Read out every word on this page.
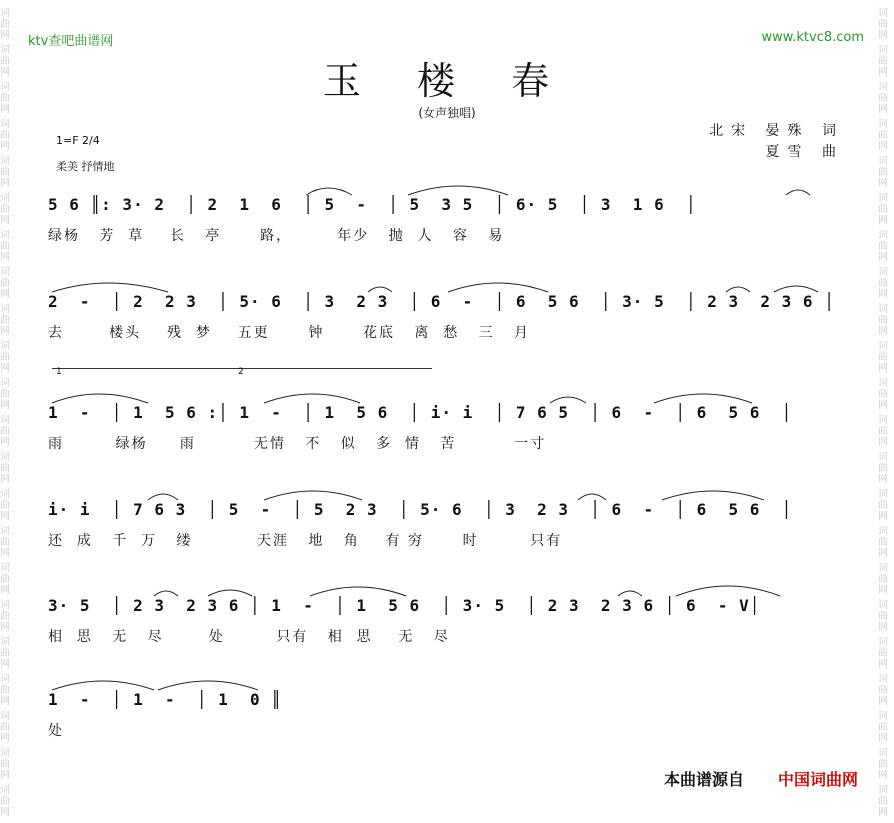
词曲网
词曲网
词曲网
词曲网
词曲网
词曲网
词曲网
词曲网
词曲网
词曲网
词曲网
词曲网
词曲网
词曲网
词曲网
词曲网
词曲网
词曲网
词曲网
词曲网
词曲网
词曲网
词曲网
词曲网
词曲网
词曲网
词曲网
词曲网
词曲网
词曲网
词曲网
词曲网
词曲网
词曲网
词曲网
词曲网
词曲网
词曲网
词曲网
词曲网
词曲网
词曲网
词曲网
词曲网
ktv查吧曲谱网	www.ktvc8.com
玉 楼 春
(女声独唱)
1=F 2/4
柔美 抒情地
北宋 晏殊 词
夏雪 曲
1	2
5 6 ║: 3· 2  │ 2  1  6  │ 5  -  │ 5  3 5  │ 6· 5  │ 3  1 6  │
绿杨   芳  草    长   亭      路，       年少   抛  人   容   易
2  -  │ 2  2 3  │ 5· 6  │ 3  2 3  │ 6  -  │ 6  5 6  │ 3· 5  │ 2 3  2 3 6 │
去       楼头    残  梦    五更      钟      花底   离  愁   三   月
1  -  │ 1  5 6 :│ 1  -  │ 1  5 6  │ i· i  │ 7 6 5  │ 6  -  │ 6  5 6  │
雨        绿杨     雨         无情   不   似   多  情   苦         一寸
i· i  │ 7 6 3  │ 5  -  │ 5  2 3  │ 5· 6  │ 3  2 3  │ 6  -  │ 6  5 6  │
还  成   千  万   缕          天涯   地   角    有 穷      时        只有
3· 5  │ 2 3  2 3 6 │ 1  -  │ 1  5 6  │ 3· 5  │ 2 3  2 3 6 │ 6  - V│
相  思   无   尽       处        只有   相  思    无   尽
1  -  │ 1  -  │ 1  0 ║
处
本曲谱源自 中国词曲网
